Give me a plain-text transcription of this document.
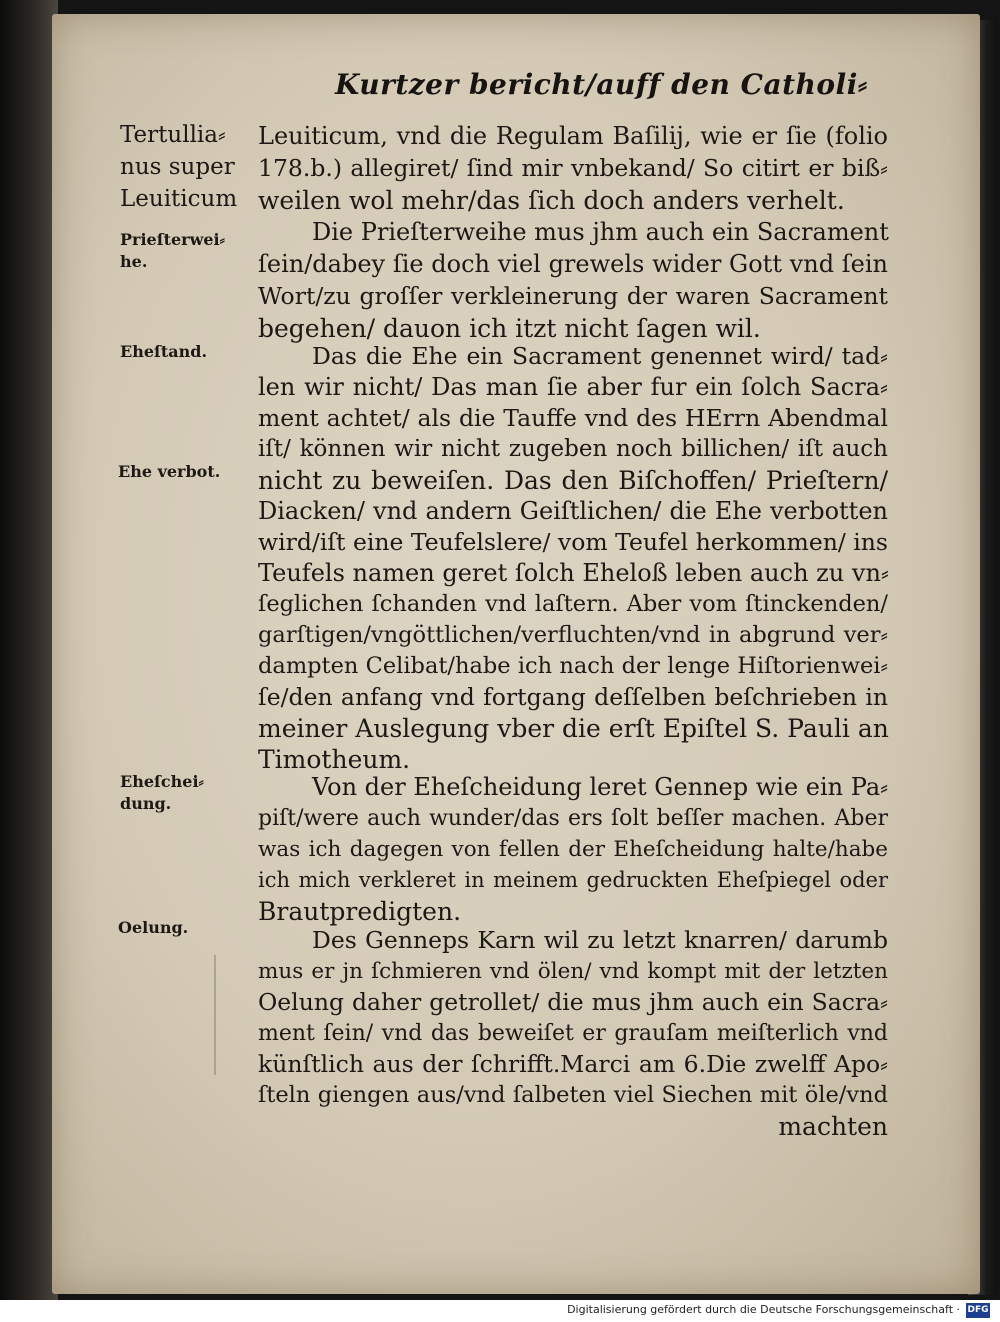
Kurtzer bericht/auff den Catholi⸗
Tertullia⸗
nus super
Leuiticum
Prieſterwei⸗
he.
Eheſtand.
Ehe verbot.
Eheſchei⸗
dung.
Oelung.
Leuiticum, vnd die Regulam Baſilij, wie er ſie (folio
178.b.) allegiret/ ſind mir vnbekand/ So citirt er biß⸗
weilen wol mehr/das ſich doch anders verhelt.
Die Prieſterweihe mus jhm auch ein Sacrament
ſein/dabey ſie doch viel grewels wider Gott vnd ſein
Wort/zu groſſer verkleinerung der waren Sacrament
begehen/ dauon ich itzt nicht ſagen wil.
Das die Ehe ein Sacrament genennet wird/ tad⸗
len wir nicht/ Das man ſie aber fur ein ſolch Sacra⸗
ment achtet/ als die Tauffe vnd des HErrn Abendmal
iſt/ können wir nicht zugeben noch billichen/ iſt auch
nicht zu beweiſen. Das den Biſchoffen/ Prieſtern/
Diacken/ vnd andern Geiſtlichen/ die Ehe verbotten
wird/iſt eine Teufelslere/ vom Teufel herkommen/ ins
Teufels namen geret ſolch Eheloß leben auch zu vn⸗
ſeglichen ſchanden vnd laſtern. Aber vom ſtinckenden/
garſtigen/vngöttlichen/verfluchten/vnd in abgrund ver⸗
dampten Celibat/habe ich nach der lenge Hiſtorienwei⸗
ſe/den anfang vnd fortgang deſſelben beſchrieben in
meiner Auslegung vber die erſt Epiſtel S. Pauli an
Timotheum.
Von der Eheſcheidung leret Gennep wie ein Pa⸗
piſt/were auch wunder/das ers ſolt beſſer machen. Aber
was ich dagegen von fellen der Eheſcheidung halte/habe
ich mich verkleret in meinem gedruckten Eheſpiegel oder
Brautpredigten.
Des Genneps Karn wil zu letzt knarren/ darumb
mus er jn ſchmieren vnd ölen/ vnd kompt mit der letzten
Oelung daher getrollet/ die mus jhm auch ein Sacra⸗
ment ſein/ vnd das beweiſet er grauſam meiſterlich vnd
künſtlich aus der ſchrifft.Marci am 6.Die zwelff Apo⸗
ſteln giengen aus/vnd ſalbeten viel Siechen mit öle/vnd
machten
Digitalisierung gefördert durch die Deutsche Forschungsgemeinschaft · DFG
